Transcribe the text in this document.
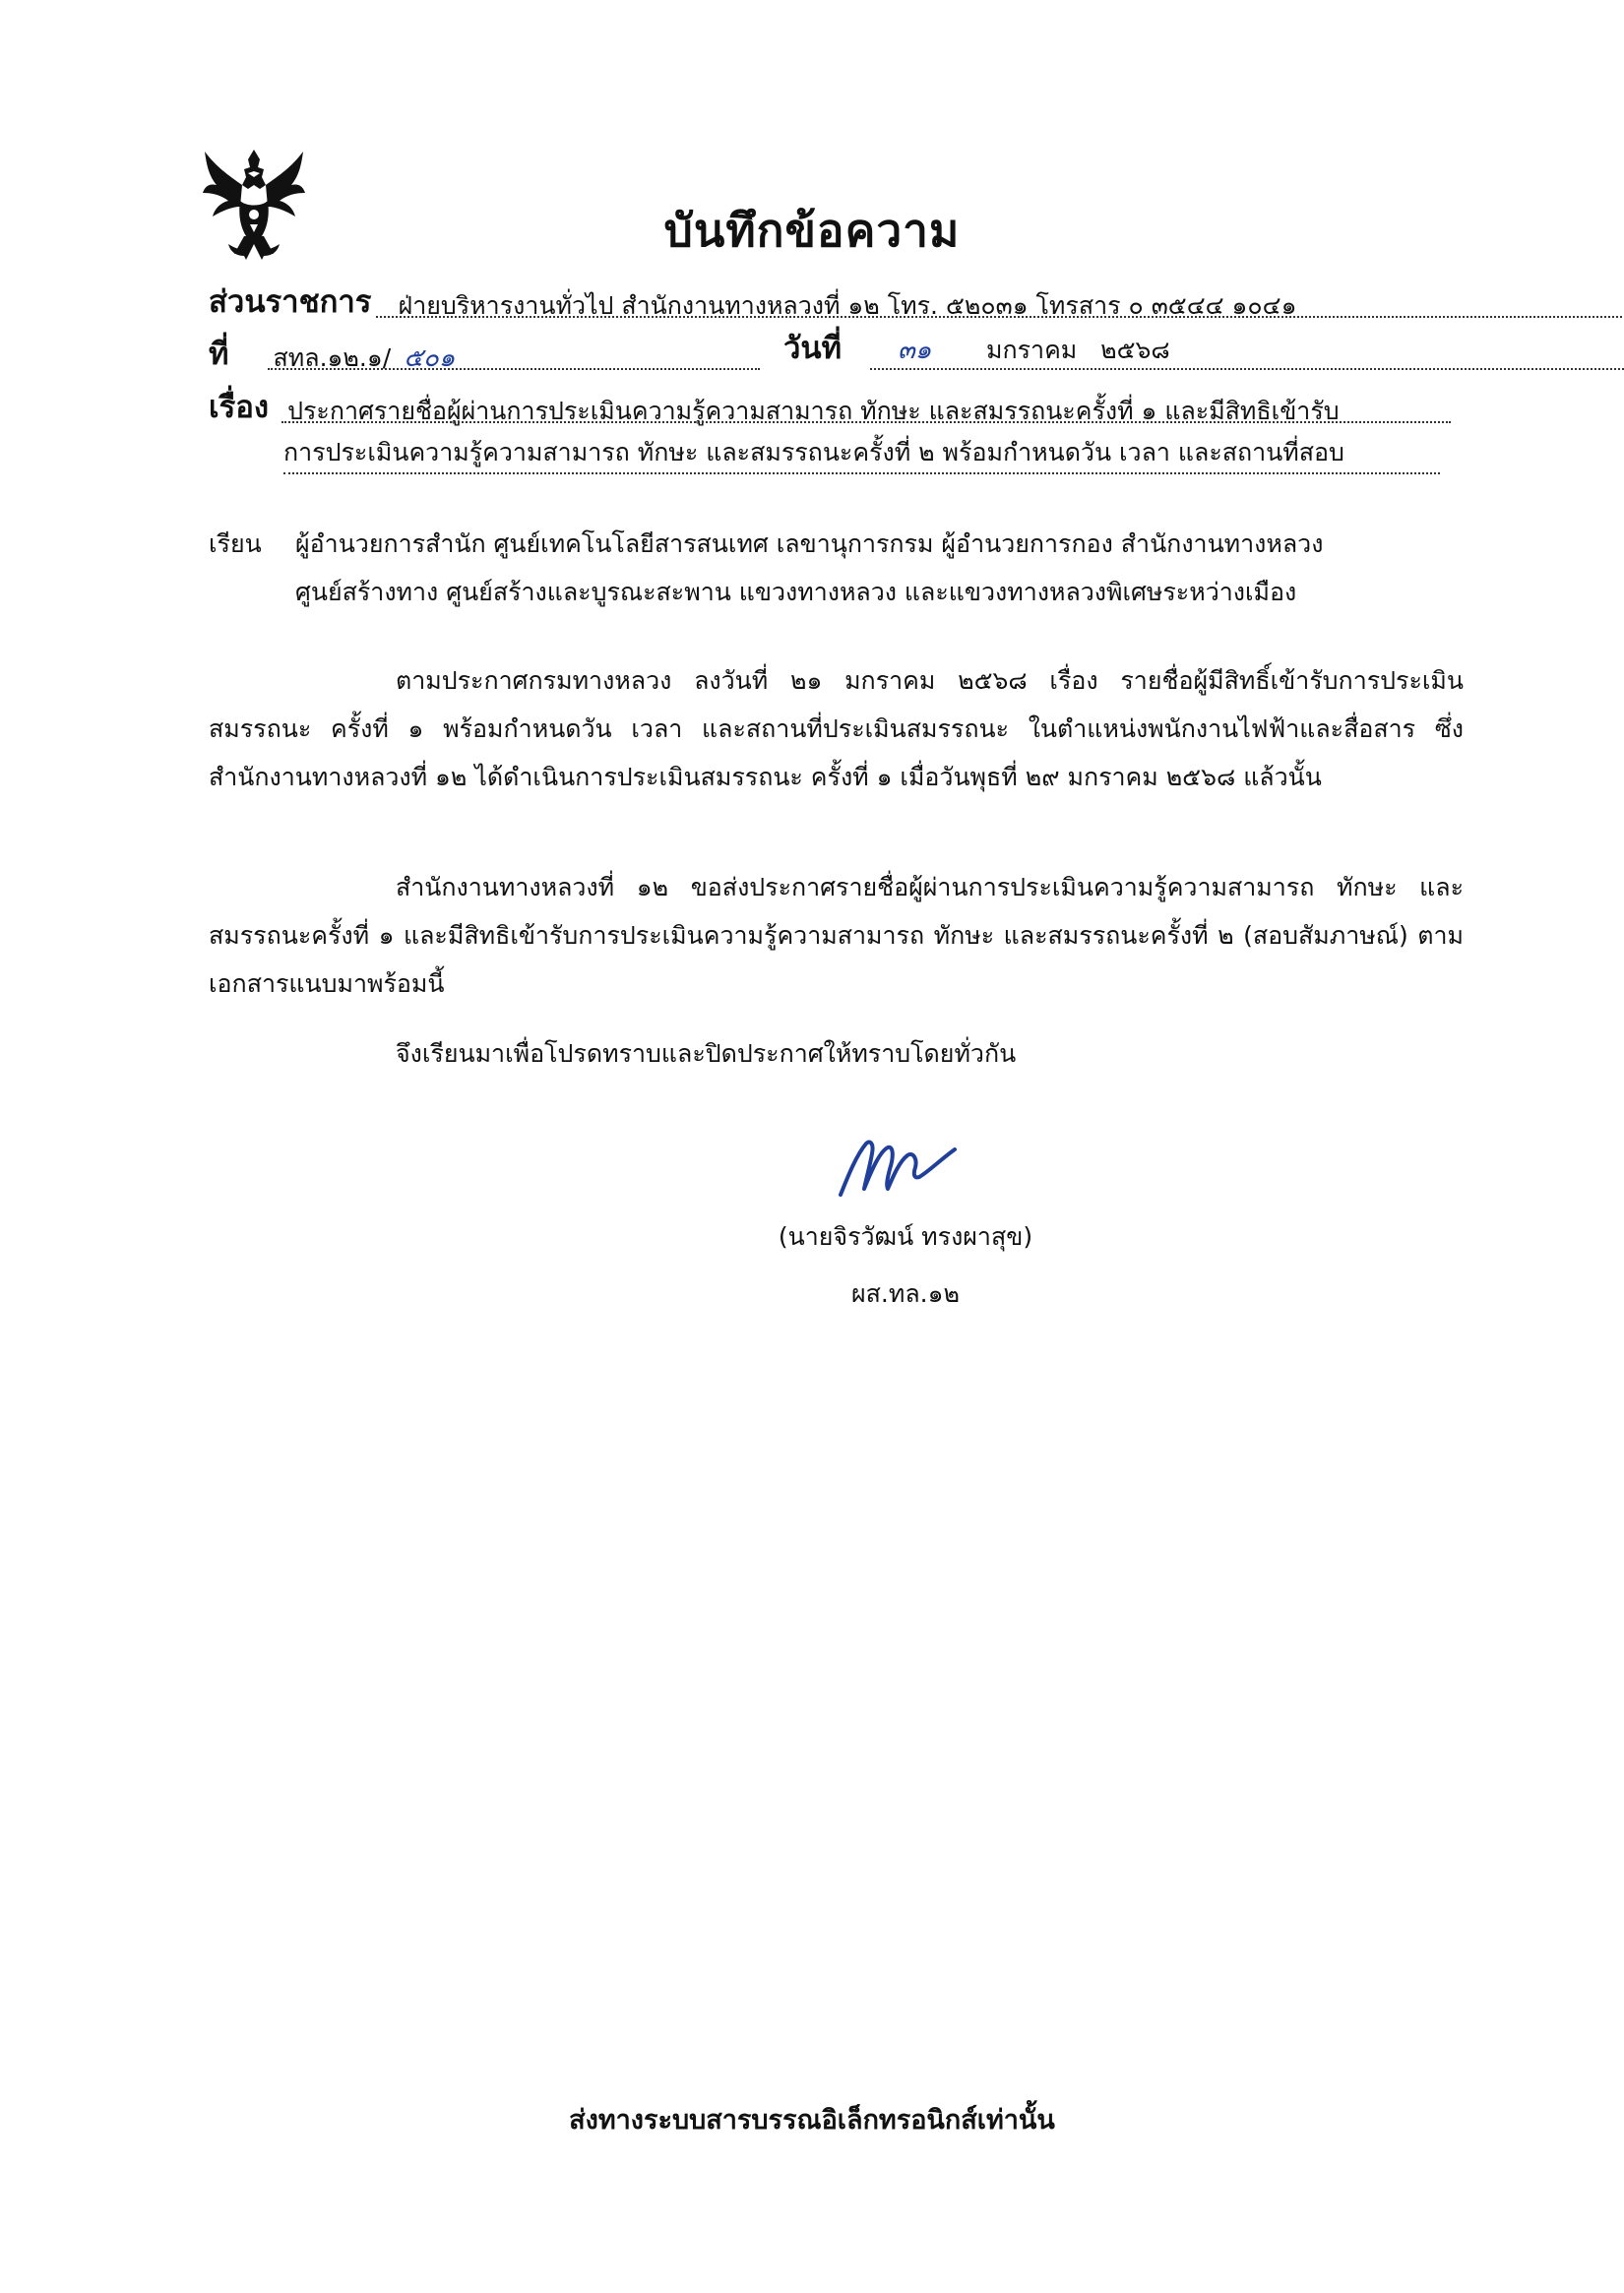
บันทึกข้อความ
ส่วนราชการ ฝ่ายบริหารงานทั่วไป สำนักงานทางหลวงที่ ๑๒ โทร. ๕๒๐๓๑ โทรสาร ๐ ๓๕๔๔ ๑๐๔๑
ที่ สทล.๑๒.๑/ ๕๐๑	วันที่ ๓๑ มกราคม   ๒๕๖๘
เรื่อง ประกาศรายชื่อผู้ผ่านการประเมินความรู้ความสามารถ ทักษะ และสมรรถนะครั้งที่ ๑ และมีสิทธิเข้ารับ
การประเมินความรู้ความสามารถ ทักษะ และสมรรถนะครั้งที่ ๒ พร้อมกำหนดวัน เวลา และสถานที่สอบ
เรียน ผู้อำนวยการสำนัก ศูนย์เทคโนโลยีสารสนเทศ เลขานุการกรม ผู้อำนวยการกอง สำนักงานทางหลวง
ศูนย์สร้างทาง ศูนย์สร้างและบูรณะสะพาน แขวงทางหลวง และแขวงทางหลวงพิเศษระหว่างเมือง
ตามประกาศกรมทางหลวง ลงวันที่ ๒๑ มกราคม ๒๕๖๘ เรื่อง รายชื่อผู้มีสิทธิ์เข้ารับการประเมินสมรรถนะ ครั้งที่ ๑ พร้อมกำหนดวัน เวลา และสถานที่ประเมินสมรรถนะ ในตำแหน่งพนักงานไฟฟ้าและสื่อสาร ซึ่งสำนักงานทางหลวงที่ ๑๒ ได้ดำเนินการประเมินสมรรถนะ ครั้งที่ ๑ เมื่อวันพุธที่ ๒๙ มกราคม ๒๕๖๘ แล้วนั้น
สำนักงานทางหลวงที่ ๑๒ ขอส่งประกาศรายชื่อผู้ผ่านการประเมินความรู้ความสามารถ ทักษะ และสมรรถนะครั้งที่ ๑ และมีสิทธิเข้ารับการประเมินความรู้ความสามารถ ทักษะ และสมรรถนะครั้งที่ ๒ (สอบสัมภาษณ์) ตามเอกสารแนบมาพร้อมนี้
จึงเรียนมาเพื่อโปรดทราบและปิดประกาศให้ทราบโดยทั่วกัน
(นายจิรวัฒน์ ทรงผาสุข)
ผส.ทล.๑๒
ส่งทางระบบสารบรรณอิเล็กทรอนิกส์เท่านั้น
